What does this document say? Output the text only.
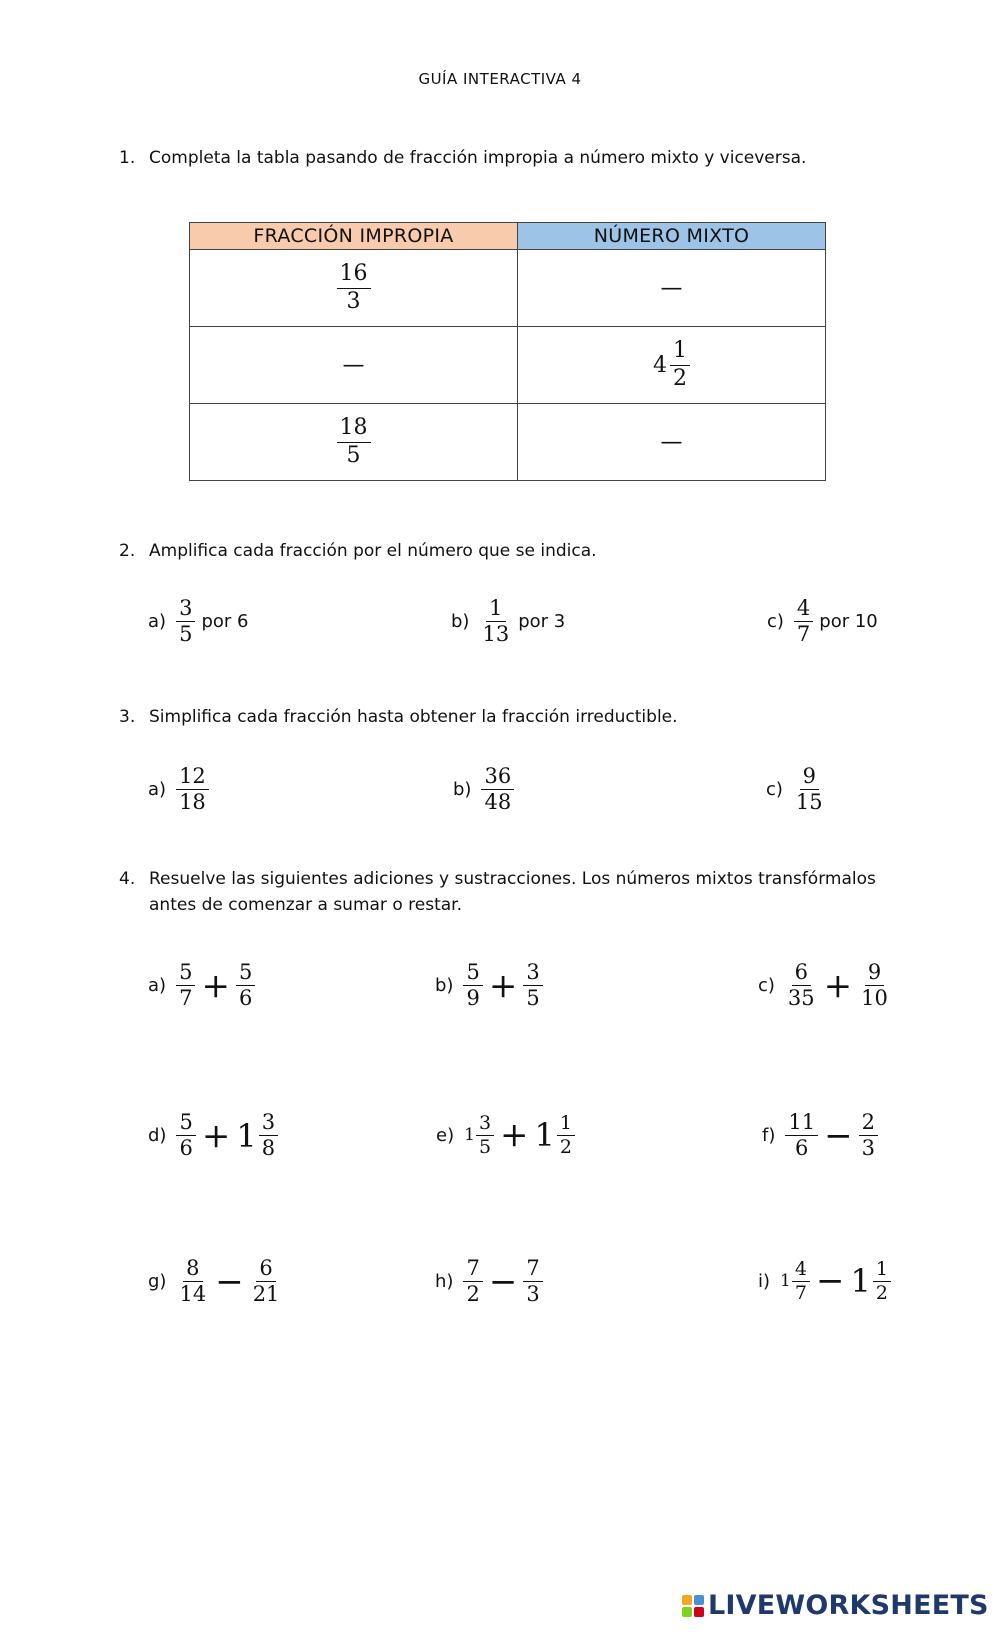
GUÍA INTERACTIVA 4
1. Completa la tabla pasando de fracción impropia a número mixto y viceversa.
FRACCIÓN IMPROPIA	NÚMERO MIXTO

$\frac{16}{3}$	—
—	$4 \frac{1}{2}$

$\frac{18}{5}$	—
2. Amplifica cada fracción por el número que se indica.
$a) \frac{3}{5}$ por 6	$b) \frac{1}{13}$ por 3	$c) \frac{4}{7}$ por 10
3. Simplifica cada fracción hasta obtener la fracción irreductible.
$a) \frac{12}{18}$	$b) \frac{36}{48}$	$c) \frac{9}{15}$
4. Resuelve las siguientes adiciones y sustracciones. Los números mixtos transfórmalos antes de comenzar a sumar o restar.
$a) \frac{5}{7} + \frac{5}{6}$	$b) \frac{5}{9} + \frac{3}{5}$	$c) \frac{6}{35} + \frac{9}{10}$
$d) \frac{5}{6} + 1 \frac{3}{8}$	e) $1 \frac{3}{5} + 1 \frac{1}{2}$	$f) \frac{11}{6} - \frac{2}{3}$
$g) \frac{8}{14} - \frac{6}{21}$	$h) \frac{7}{2} - \frac{7}{3}$	i) $1 \frac{4}{7} - 1 \frac{1}{2}$
LIVEWORKSHEETS
